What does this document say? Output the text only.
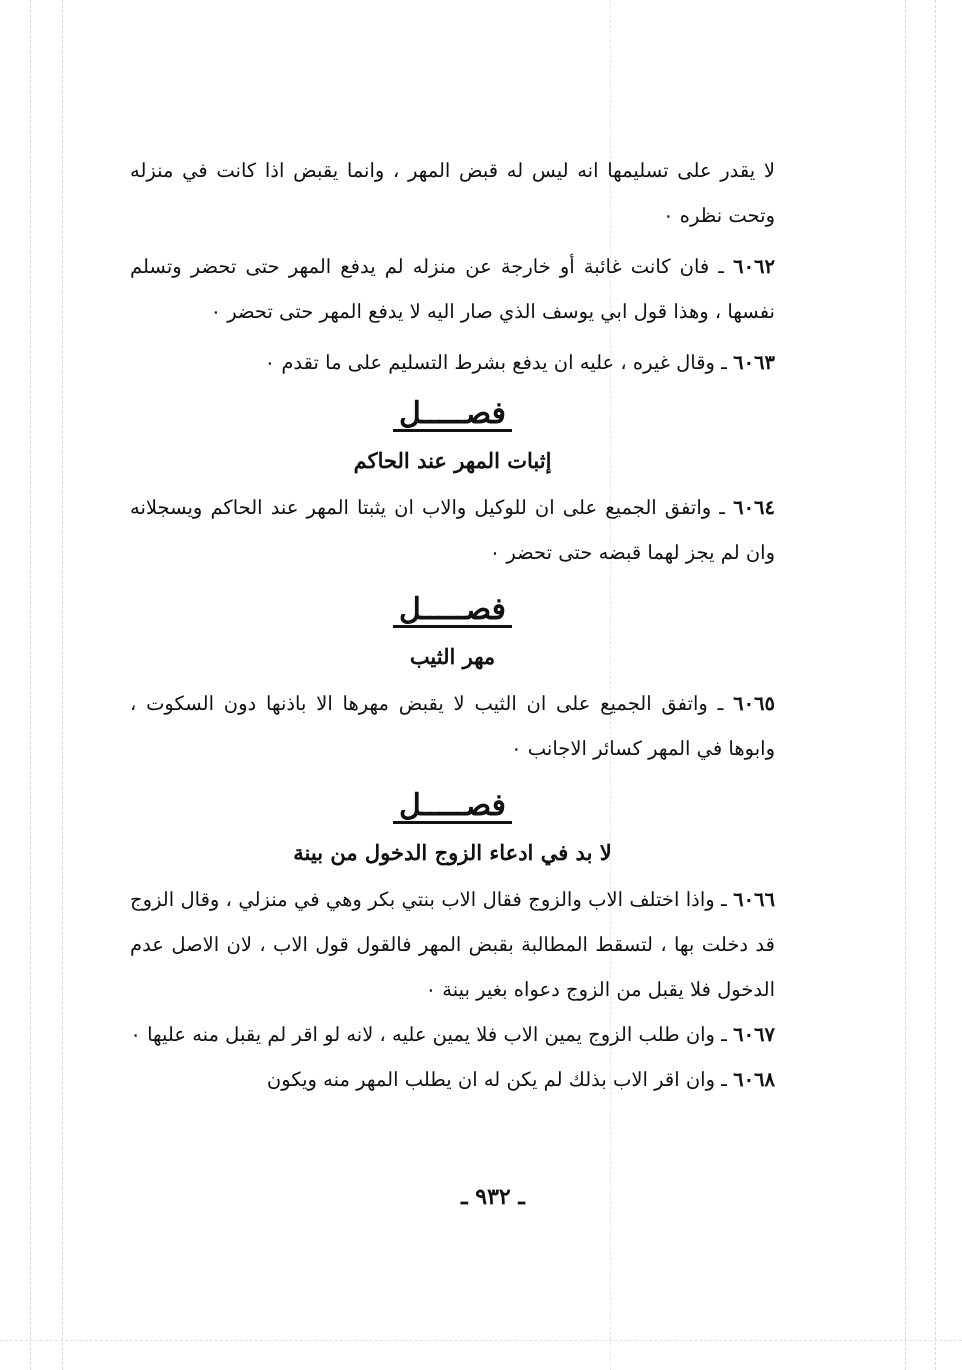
لا يقدر على تسليمها انه ليس له قبض المهر ، وانما يقبض اذا كانت في منزله وتحت نظره ٠

٦٠٦٢ ـ فان كانت غائبة أو خارجة عن منزله لم يدفع المهر حتى تحضر وتسلم نفسها ، وهذا قول ابي يوسف الذي صار اليه لا يدفع المهر حتى تحضر ٠

٦٠٦٣ ـ وقال غيره ، عليه ان يدفع بشرط التسليم على ما تقدم ٠

فصـــــل
إثبات المهر عند الحاكم

٦٠٦٤ ـ واتفق الجميع على ان للوكيل والاب ان يثبتا المهر عند الحاكم ويسجلانه وان لم يجز لهما قبضه حتى تحضر ٠

فصـــــل
مهر الثيب

٦٠٦٥ ـ واتفق الجميع على ان الثيب لا يقبض مهرها الا باذنها دون السكوت ، وابوها في المهر كسائر الاجانب ٠

فصـــــل
لا بد في ادعاء الزوج الدخول من بينة

٦٠٦٦ ـ واذا اختلف الاب والزوج فقال الاب بنتي بكر وهي في منزلي ، وقال الزوج قد دخلت بها ، لتسقط المطالبة بقبض المهر فالقول قول الاب ، لان الاصل عدم الدخول فلا يقبل من الزوج دعواه بغير بينة ٠

٦٠٦٧ ـ وان طلب الزوج يمين الاب فلا يمين عليه ، لانه لو اقر لم يقبل منه عليها ٠

٦٠٦٨ ـ وان اقر الاب بذلك لم يكن له ان يطلب المهر منه ويكون

ـ ٩٣٢ ـ
